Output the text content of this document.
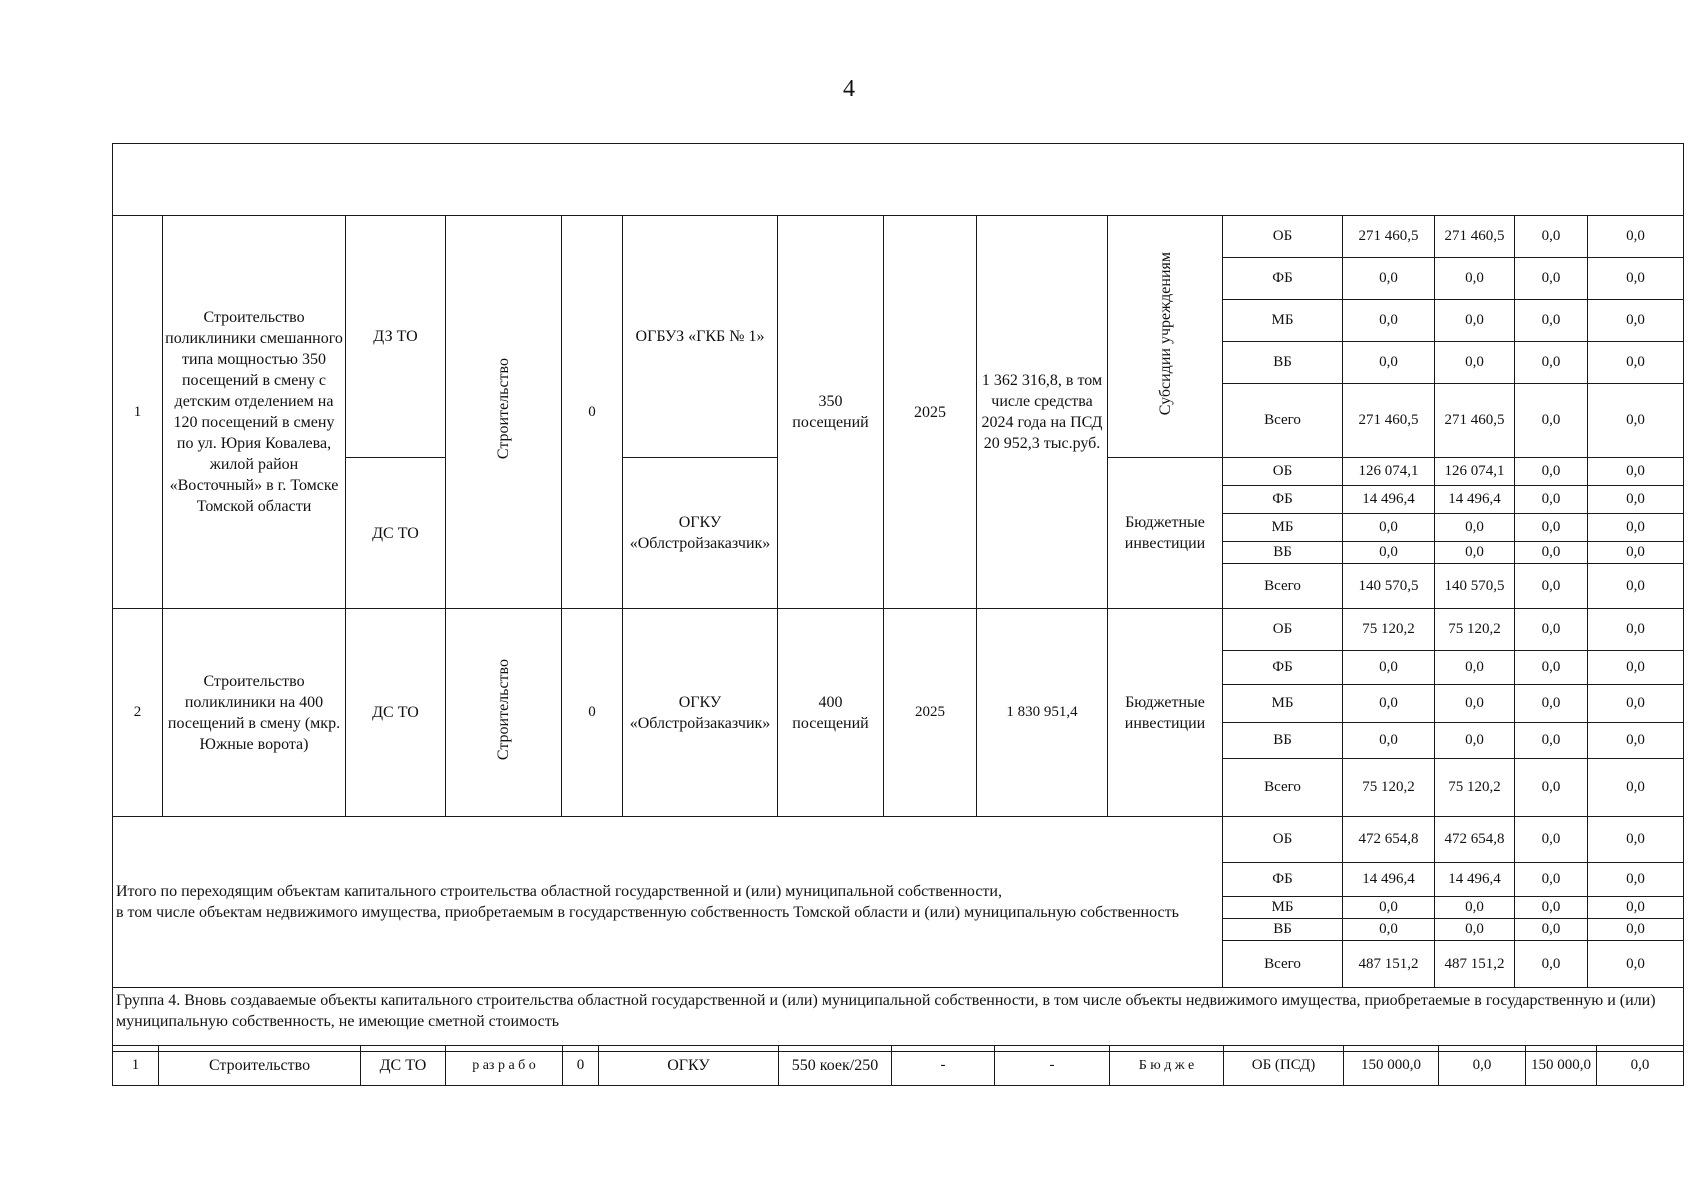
4

1	Строительство поликлиники смешанного типа мощностью 350 посещений в смену с детским отделением на 120 посещений в смену по ул. Юрия Ковалева, жилой район «Восточный» в г. Томске Томской области	ДЗ ТО	Строительство	0	ОГБУЗ «ГКБ № 1»	350 посещений	2025	1 362 316,8, в том числе средства 2024 года на ПСД 20 952,3 тыс.руб.	Субсидии учреждениям	ОБ	271 460,5	271 460,5	0,0	0,0
										ФБ	0,0	0,0	0,0	0,0
										МБ	0,0	0,0	0,0	0,0
										ВБ	0,0	0,0	0,0	0,0
										Всего	271 460,5	271 460,5	0,0	0,0
		ДС ТО			ОГКУ «Облстройзаказчик»				Бюджетные инвестиции	ОБ	126 074,1	126 074,1	0,0	0,0
										ФБ	14 496,4	14 496,4	0,0	0,0
										МБ	0,0	0,0	0,0	0,0
										ВБ	0,0	0,0	0,0	0,0
										Всего	140 570,5	140 570,5	0,0	0,0
2	Строительство поликлиники на 400 посещений в смену (мкр. Южные ворота)	ДС ТО	Строительство	0	ОГКУ «Облстройзаказчик»	400 посещений	2025	1 830 951,4	Бюджетные инвестиции	ОБ	75 120,2	75 120,2	0,0	0,0
										ФБ	0,0	0,0	0,0	0,0
										МБ	0,0	0,0	0,0	0,0
										ВБ	0,0	0,0	0,0	0,0
										Всего	75 120,2	75 120,2	0,0	0,0
Итого по переходящим объектам капитального строительства областной государственной и (или) муниципальной собственности,
в том числе объектам недвижимого имущества, приобретаемым в государственную собственность Томской области и (или) муниципальную собственность										ОБ	472 654,8	472 654,8	0,0	0,0
										ФБ	14 496,4	14 496,4	0,0	0,0
										МБ	0,0	0,0	0,0	0,0
										ВБ	0,0	0,0	0,0	0,0
										Всего	487 151,2	487 151,2	0,0	0,0
Группа 4. Вновь создаваемые объекты капитального строительства областной государственной и (или) муниципальной собственности, в том числе объекты недвижимого имущества, приобретаемые в государственную и (или) муниципальную собственность, не имеющие сметной стоимость														
1	Строительство	ДС ТО	р аз р а б о	0	ОГКУ	550 коек/250	-	-	Б ю д ж е	ОБ (ПСД)	150 000,0	0,0	150 000,0	0,0
